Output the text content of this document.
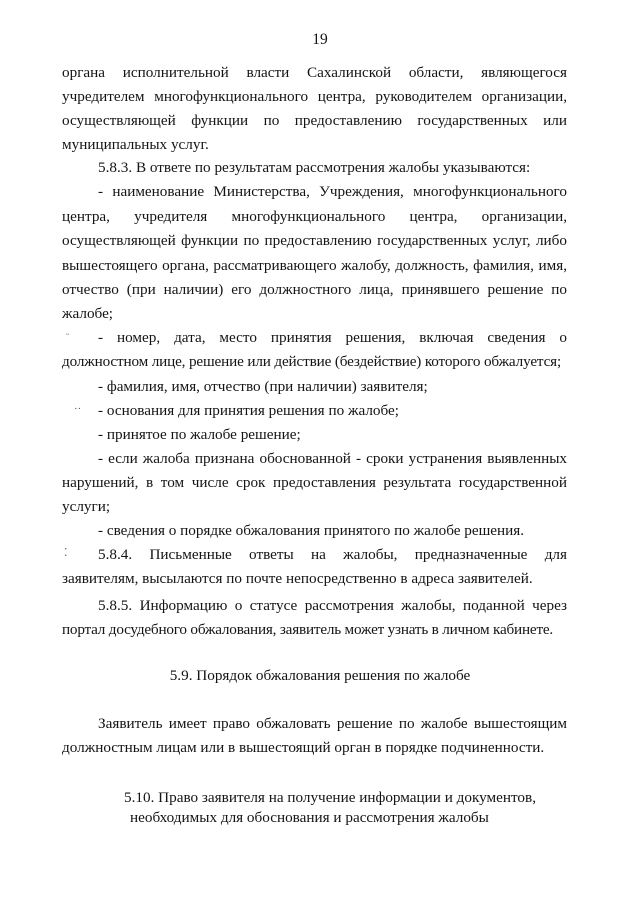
19
органа исполнительной власти Сахалинской области, являющегося
учредителем многофункционального центра, руководителем организации,
осуществляющей функции по предоставлению государственных или
муниципальных услуг.
5.8.3. В ответе по результатам рассмотрения жалобы указываются:
- наименование Министерства, Учреждения, многофункционального
центра, учредителя многофункционального центра, организации,
осуществляющей функции по предоставлению государственных услуг, либо
вышестоящего органа, рассматривающего жалобу, должность, фамилия, имя,
отчество (при наличии) его должностного лица, принявшего решение по
жалобе;
ᵕ - номер, дата, место принятия решения, включая сведения о
должностном лице, решение или действие (бездействие) которого обжалуется;
- фамилия, имя, отчество (при наличии) заявителя;
·· - основания для принятия решения по жалобе;
- принятое по жалобе решение;
- если жалоба признана обоснованной - сроки устранения выявленных
нарушений, в том числе срок предоставления результата государственной
услуги;
- сведения о порядке обжалования принятого по жалобе решения.
⁚ 5.8.4. Письменные ответы на жалобы, предназначенные для
заявителям, высылаются по почте непосредственно в адреса заявителей.
5.8.5. Информацию о статусе рассмотрения жалобы, поданной через
портал досудебного обжалования, заявитель может узнать в личном кабинете.
5.9. Порядок обжалования решения по жалобе
Заявитель имеет право обжаловать решение по жалобе вышестоящим
должностным лицам или в вышестоящий орган в порядке подчиненности.
5.10. Право заявителя на получение информации и документов,
необходимых для обоснования и рассмотрения жалобы
